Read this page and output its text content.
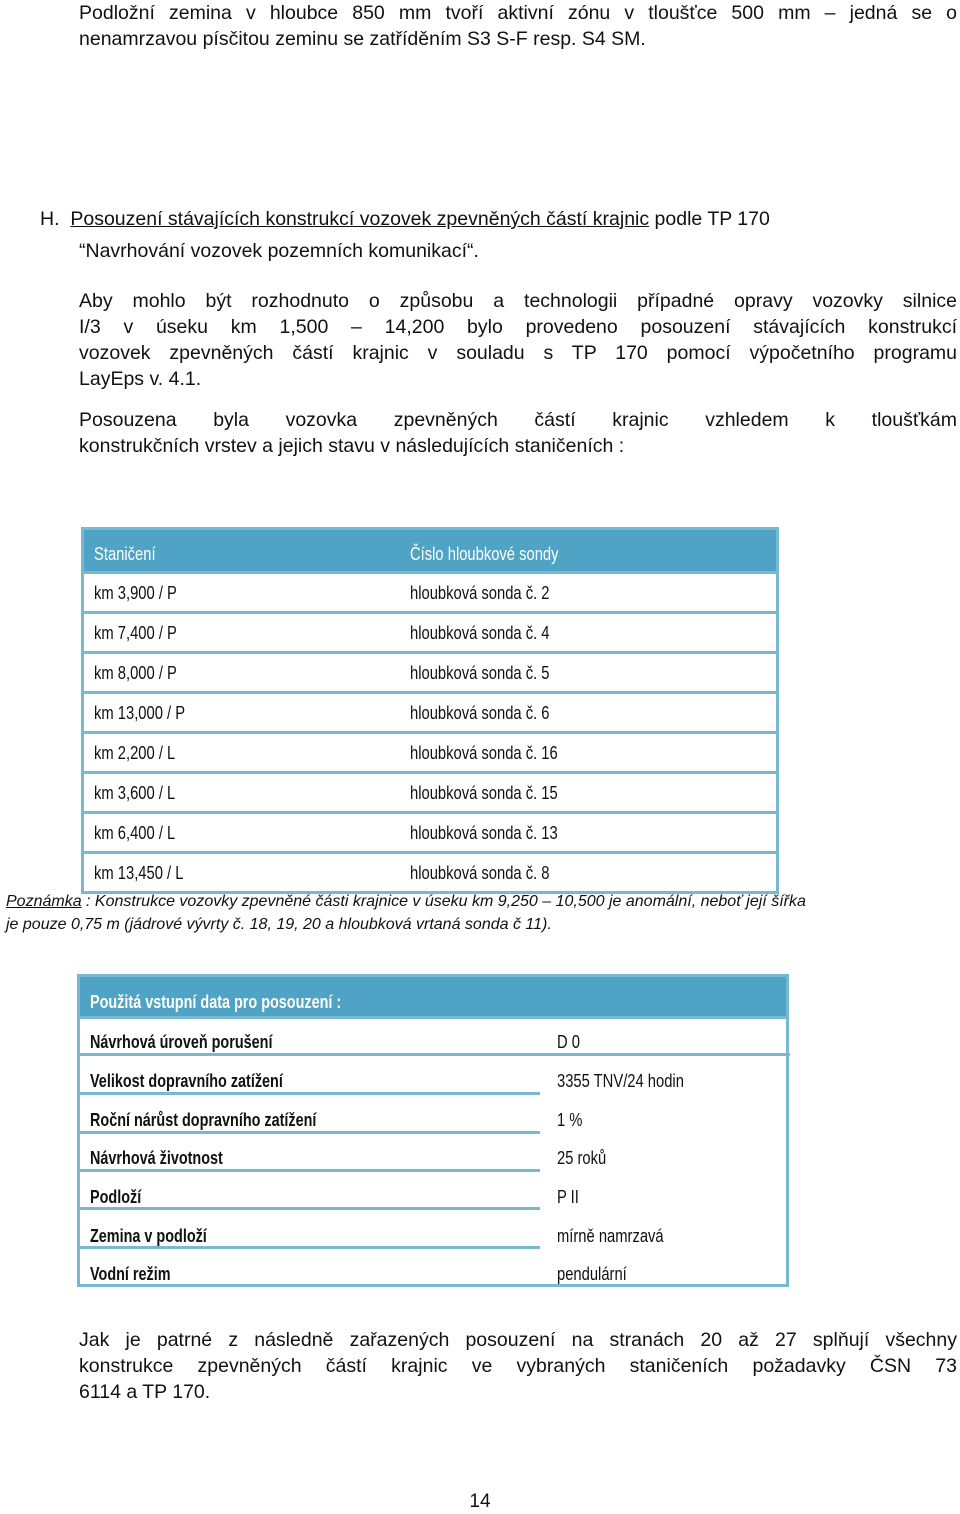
Podložní zemina v hloubce 850 mm tvoří aktivní zónu v tloušťce 500 mm – jedná se o

nenamrzavou písčitou zeminu se zatříděním S3 S-F resp. S4 SM.

H. Posouzení stávajících konstrukcí vozovek zpevněných částí krajnic podle TP 170

“Navrhování vozovek pozemních komunikací“.

Aby mohlo být rozhodnuto o způsobu a technologii případné opravy vozovky silnice

I/3 v úseku km 1,500 – 14,200 bylo provedeno posouzení stávajících konstrukcí

vozovek zpevněných částí krajnic v souladu s TP 170 pomocí výpočetního programu

LayEps v. 4.1.

Posouzena byla vozovka zpevněných částí krajnic vzhledem k tloušťkám

konstrukčních vrstev a jejich stavu v následujících staničeních :

Staničení	Číslo hloubkové sondy
km 3,900 / P	hloubková sonda č. 2
km 7,400 / P	hloubková sonda č. 4
km 8,000 / P	hloubková sonda č. 5
km 13,000 / P	hloubková sonda č. 6
km 2,200 / L	hloubková sonda č. 16
km 3,600 / L	hloubková sonda č. 15
km 6,400 / L	hloubková sonda č. 13
km 13,450 / L	hloubková sonda č. 8

Poznámka : Konstrukce vozovky zpevněné části krajnice v úseku km 9,250 – 10,500 je anomální, neboť její šířka

je pouze 0,75 m (jádrové vývrty č. 18, 19, 20 a hloubková vrtaná sonda č 11).

Použitá vstupní data pro posouzení :
Návrhová úroveň porušení	D 0
Velikost dopravního zatížení	3355 TNV/24 hodin
Roční nárůst dopravního zatížení	1 %
Návrhová životnost	25 roků
Podloží	P II
Zemina v podloží	mírně namrzavá
Vodní režim	pendulární

Jak je patrné z následně zařazených posouzení na stranách 20 až 27 splňují všechny

konstrukce zpevněných částí krajnic ve vybraných staničeních požadavky ČSN 73

6114 a TP 170.

14
